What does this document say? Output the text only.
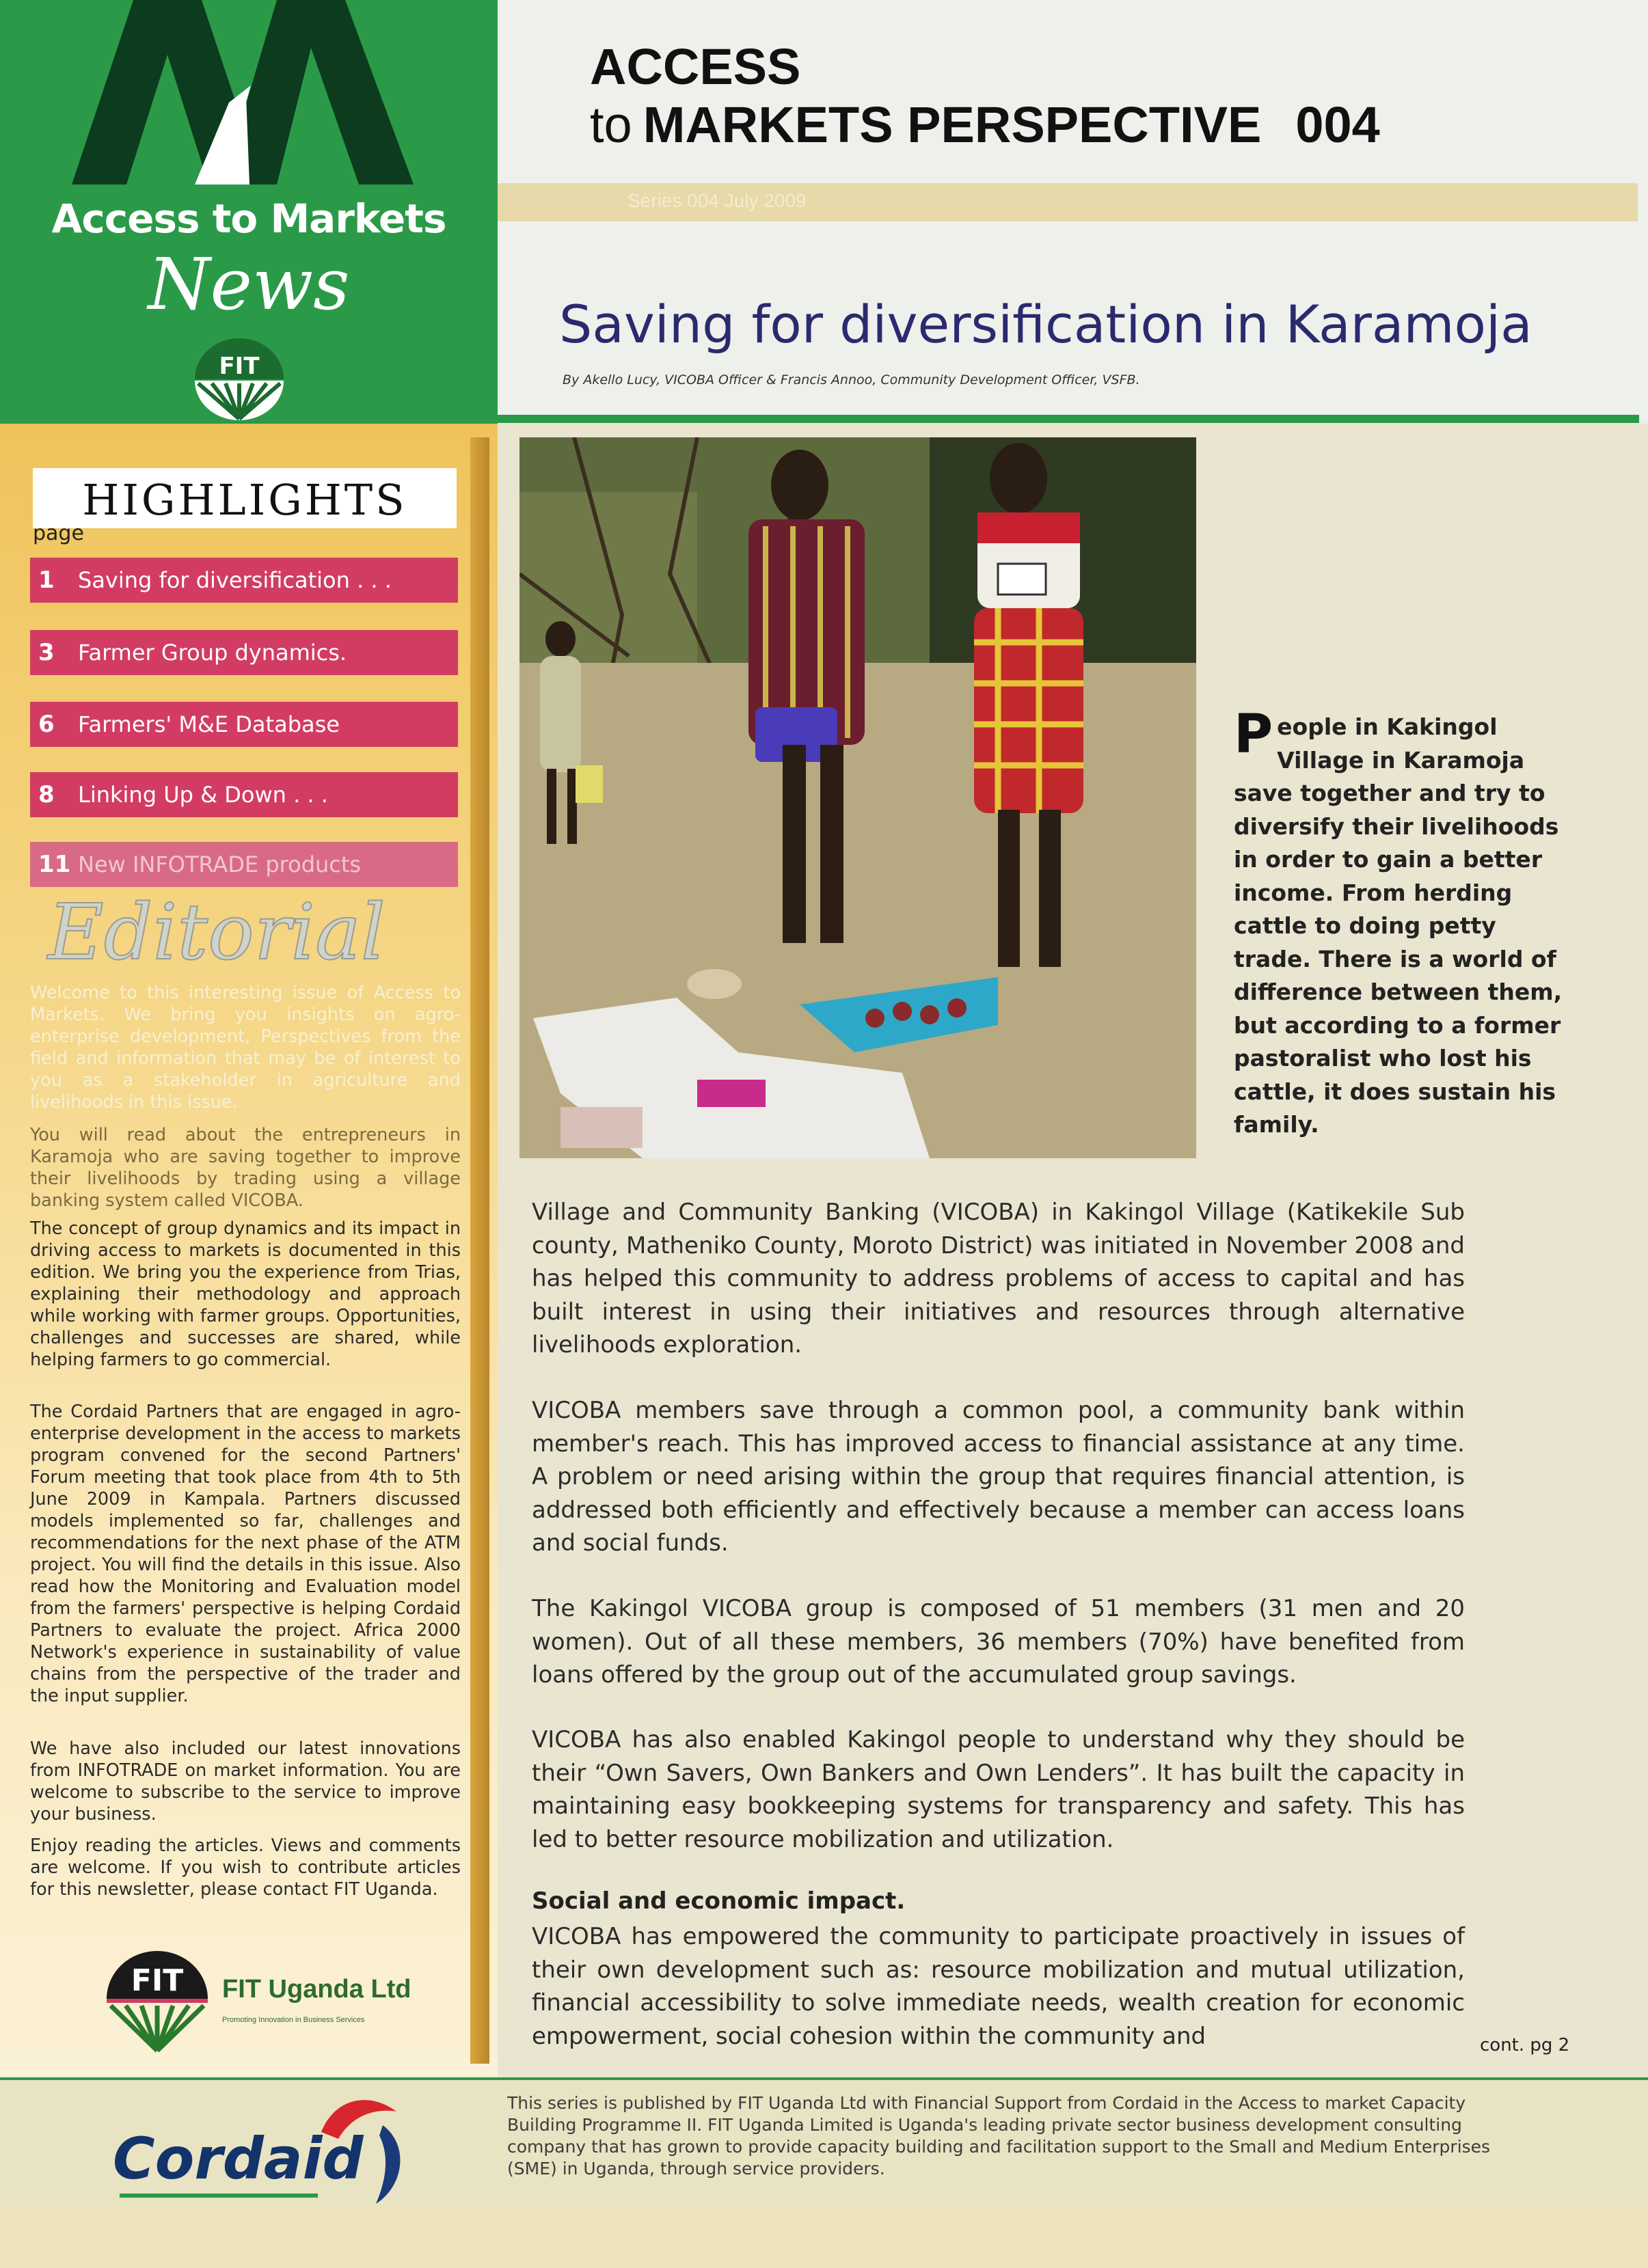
Access to Markets
News
FIT
ACCESS
to MARKETS PERSPECTIVE 004
Series 004 July 2009
Saving for diversification in Karamoja
By Akello Lucy, VICOBA Officer & Francis Annoo, Community Development Officer, VSFB.
HIGHLIGHTS
page
1	Saving for diversification . . .
3	Farmer Group dynamics.
6	Farmers' M&E Database
8	Linking Up & Down . . .
11 New INFOTRADE products
Editorial
Welcome to this interesting issue of Access to Markets. We bring you insights on agro-enterprise development, Perspectives from the field and information that may be of interest to you as a stakeholder in agriculture and livelihoods in this issue.
You will read about the entrepreneurs in Karamoja who are saving together to improve their livelihoods by trading using a village banking system called VICOBA.
The concept of group dynamics and its impact in driving access to markets is documented in this edition. We bring you the experience from Trias, explaining their methodology and approach while working with farmer groups. Opportunities, challenges and successes are shared, while helping farmers to go commercial.
The Cordaid Partners that are engaged in agro-enterprise development in the access to markets program convened for the second Partners' Forum meeting that took place from 4th to 5th June 2009 in Kampala. Partners discussed models implemented so far, challenges and recommendations for the next phase of the ATM project. You will find the details in this issue. Also read how the Monitoring and Evaluation model from the farmers' perspective is helping Cordaid Partners to evaluate the project. Africa 2000 Network's experience in sustainability of value chains from the perspective of the trader and the input supplier.
We have also included our latest innovations from INFOTRADE on market information. You are welcome to subscribe to the service to improve your business.
Enjoy reading the articles. Views and comments are welcome. If you wish to contribute articles for this newsletter, please contact FIT Uganda.
FIT FIT Uganda Ltd
Promoting Innovation in Business Services
People in Kakingol Village in Karamoja save together and try to diversify their livelihoods in order to gain a better income. From herding cattle to doing petty trade. There is a world of difference between them, but according to a former pastoralist who lost his cattle, it does sustain his family.
Village and Community Banking (VICOBA) in Kakingol Village (Katikekile Sub county, Matheniko County, Moroto District) was initiated in November 2008 and has helped this community to address problems of access to capital and has built interest in using their initiatives and resources through alternative livelihoods exploration.
VICOBA members save through a common pool, a community bank within member's reach. This has improved access to financial assistance at any time. A problem or need arising within the group that requires financial attention, is addressed both efficiently and effectively because a member can access loans and social funds.
The Kakingol VICOBA group is composed of 51 members (31 men and 20 women). Out of all these members, 36 members (70%) have benefited from loans offered by the group out of the accumulated group savings.
VICOBA has also enabled Kakingol people to understand why they should be their “Own Savers, Own Bankers and Own Lenders”. It has built the capacity in maintaining easy bookkeeping systems for transparency and safety. This has led to better resource mobilization and utilization.
Social and economic impact.
VICOBA has empowered the community to participate proactively in issues of their own development such as: resource mobilization and mutual utilization, financial accessibility to solve immediate needs, wealth creation for economic empowerment, social cohesion within the community and	cont. pg 2
Cordaid
This series is published by FIT Uganda Ltd with Financial Support from Cordaid in the Access to market Capacity Building Programme II. FIT Uganda Limited is Uganda's leading private sector business development consulting company that has grown to provide capacity building and facilitation support to the Small and Medium Enterprises (SME) in Uganda, through service providers.
